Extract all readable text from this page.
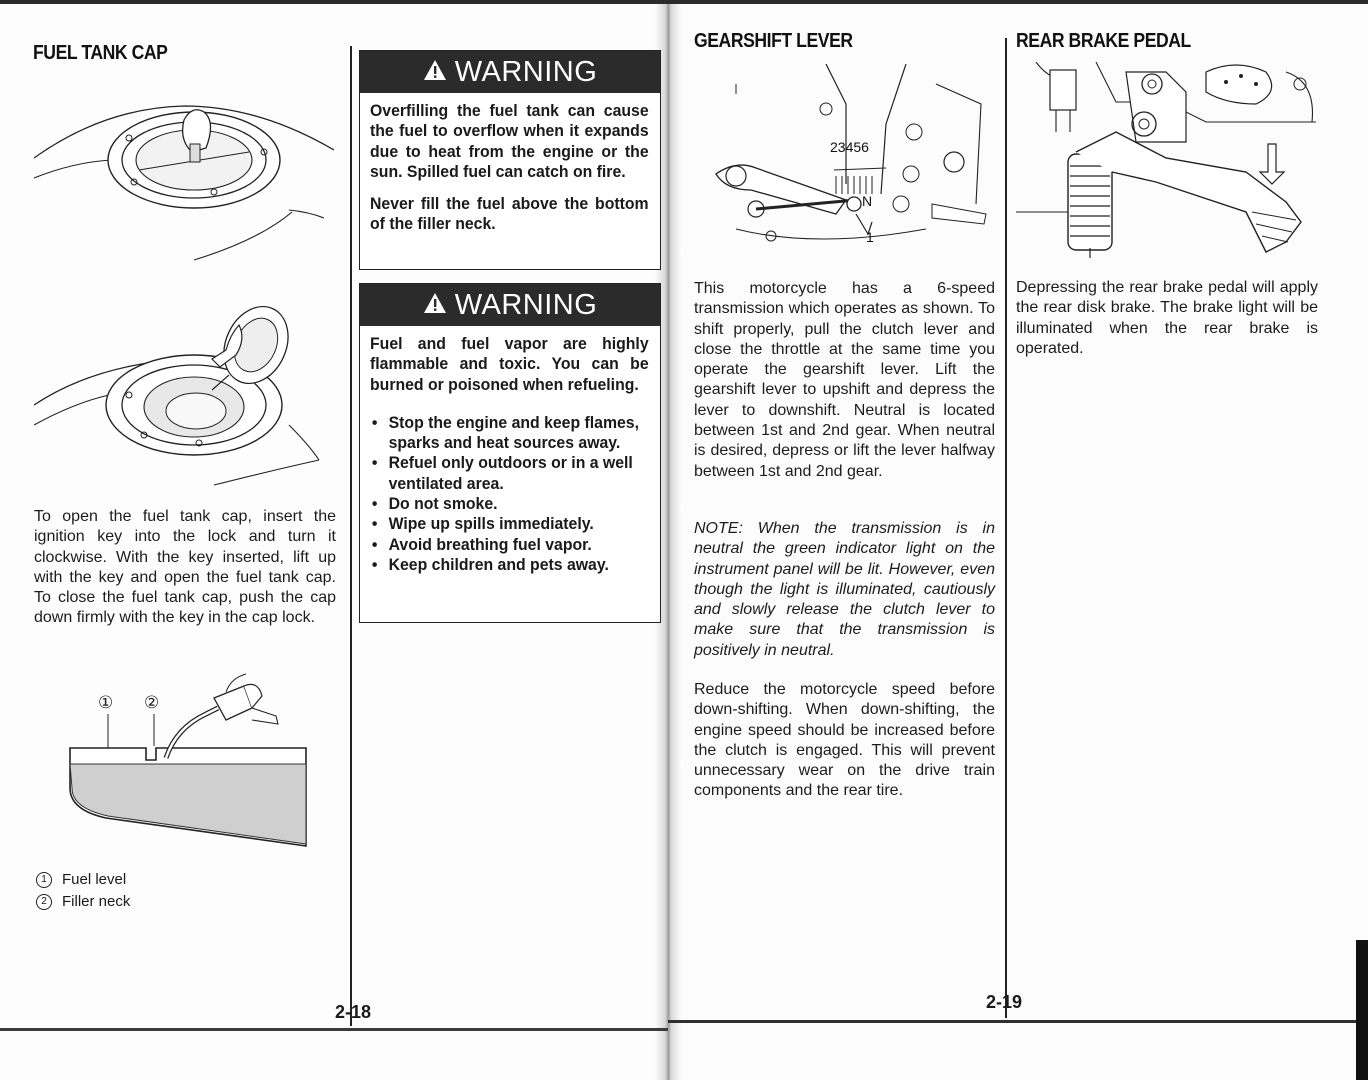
FUEL TANK CAP

To open the fuel tank cap, insert the ignition key into the lock and turn it clockwise. With the key inserted, lift up with the key and open the fuel tank cap. To close the fuel tank cap, push the cap down firmly with the key in the cap lock.

① ②
1	Fuel level
2	Filler neck
WARNING

Overfilling the fuel tank can cause the fuel to overflow when it expands due to heat from the engine or the sun. Spilled fuel can catch on fire.

Never fill the fuel above the bottom of the filler neck.

WARNING

Fuel and fuel vapor are highly flammable and toxic. You can be burned or poisoned when refueling.

• Stop the engine and keep flames, sparks and heat sources away.
• Refuel only outdoors or in a well ventilated area.
• Do not smoke.
• Wipe up spills immediately.
• Avoid breathing fuel vapor.
• Keep children and pets away.
2-18
GEARSHIFT LEVER
23456
N
1

This motorcycle has a 6-speed transmission which operates as shown. To shift properly, pull the clutch lever and close the throttle at the same time you operate the gearshift lever. Lift the gearshift lever to upshift and depress the lever to downshift. Neutral is located between 1st and 2nd gear. When neutral is desired, depress or lift the lever halfway between 1st and 2nd gear.

NOTE: When the transmission is in neutral the green indicator light on the instrument panel will be lit. However, even though the light is illuminated, cautiously and slowly release the clutch lever to make sure that the transmission is positively in neutral.

Reduce the motorcycle speed before down-shifting. When down-shifting, the engine speed should be increased before the clutch is engaged. This will prevent unnecessary wear on the drive train components and the rear tire.

REAR BRAKE PEDAL

Depressing the rear brake pedal will apply the rear disk brake. The brake light will be illuminated when the rear brake is operated.

2-19
